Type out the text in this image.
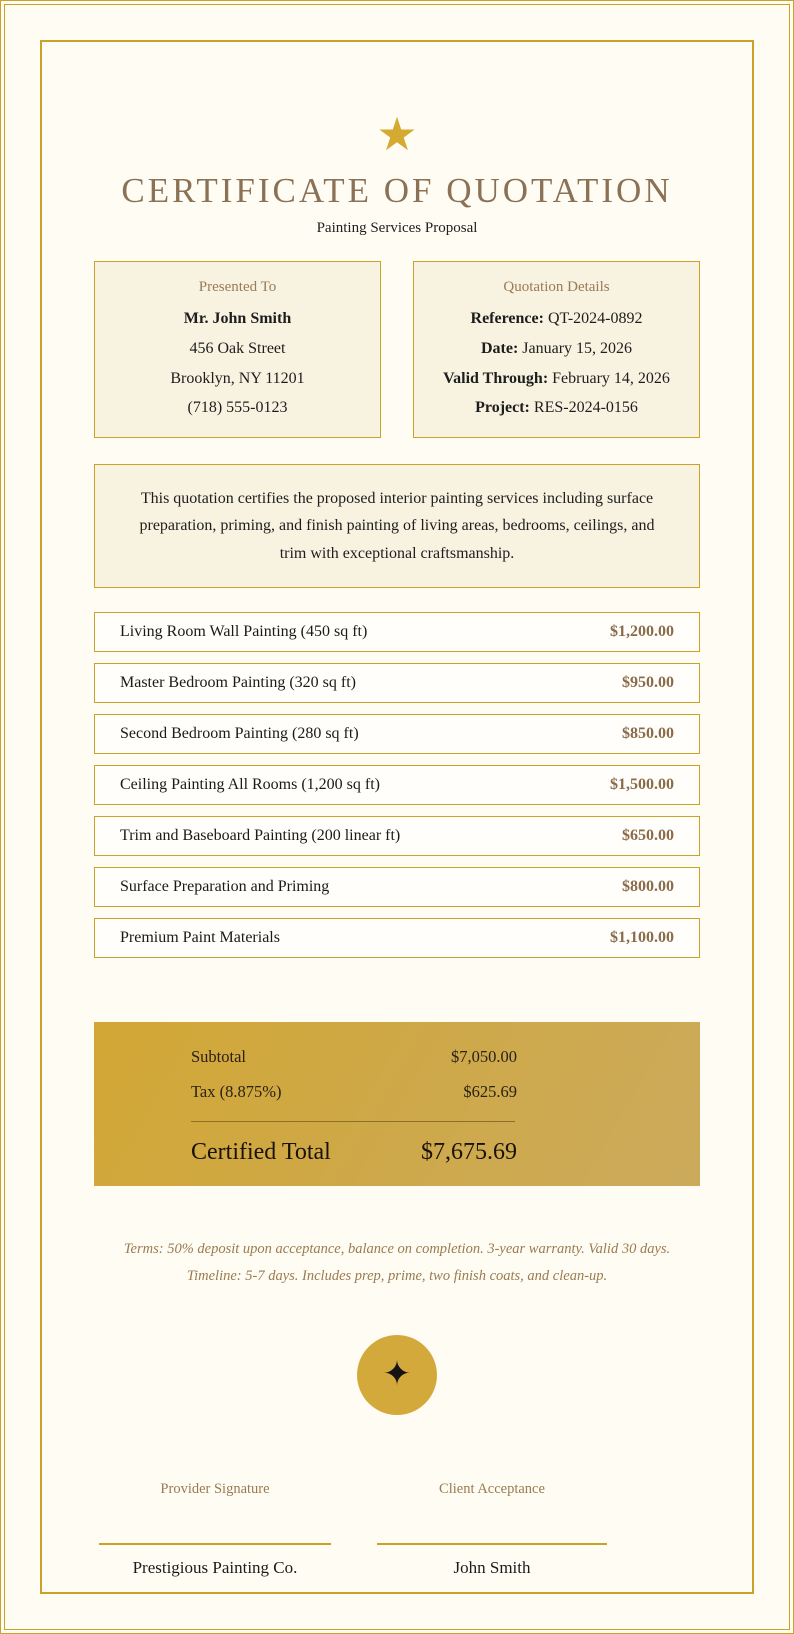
★
CERTIFICATE OF QUOTATION
Painting Services Proposal
Presented To
Mr. John Smith
456 Oak Street
Brooklyn, NY 11201
(718) 555-0123
Quotation Details
Reference: QT-2024-0892
Date: January 15, 2026
Valid Through: February 14, 2026
Project: RES-2024-0156
This quotation certifies the proposed interior painting services including surface preparation, priming, and finish painting of living areas, bedrooms, ceilings, and trim with exceptional craftsmanship.
Living Room Wall Painting (450 sq ft)	$1,200.00
Master Bedroom Painting (320 sq ft)	$950.00
Second Bedroom Painting (280 sq ft)	$850.00
Ceiling Painting All Rooms (1,200 sq ft)	$1,500.00
Trim and Baseboard Painting (200 linear ft)	$650.00
Surface Preparation and Priming	$800.00
Premium Paint Materials	$1,100.00
Subtotal	$7,050.00
Tax (8.875%)	$625.69
Certified Total	$7,675.69
Terms: 50% deposit upon acceptance, balance on completion. 3-year warranty. Valid 30 days. Timeline: 5-7 days. Includes prep, prime, two finish coats, and clean-up.
✦
Provider Signature
Prestigious Painting Co.
Client Acceptance
John Smith
